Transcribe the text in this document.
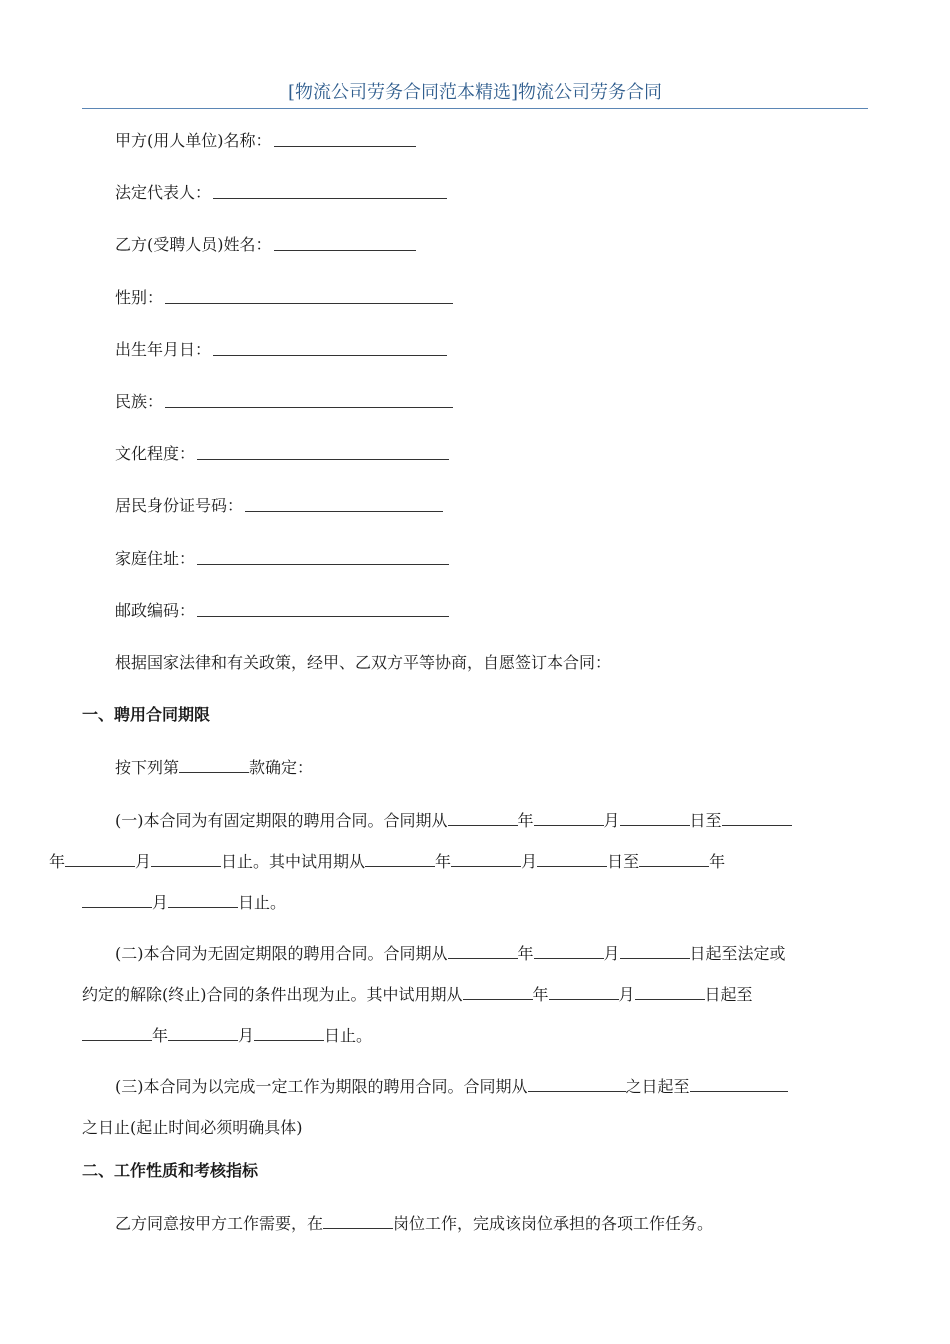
[物流公司劳务合同范本精选]物流公司劳务合同
甲方(用人单位)名称：
法定代表人：
乙方(受聘人员)姓名：
性别：
出生年月日：
民族：
文化程度：
居民身份证号码：
家庭住址：
邮政编码：

根据国家法律和有关政策，经甲、乙双方平等协商，自愿签订本合同：

一、聘用合同期限

按下列第	款确定：

(一)本合同为有固定期限的聘用合同。合同期从	年	月	日至
年	月	日止。其中试用期从	年	月	日至	年
月	日止。

(二)本合同为无固定期限的聘用合同。合同期从	年	月	日起至法定或
约定的解除(终止)合同的条件出现为止。其中试用期从	年	月	日起至
年	月	日止。

(三)本合同为以完成一定工作为期限的聘用合同。合同期从	之日起至
之日止(起止时间必须明确具体)

二、工作性质和考核指标

乙方同意按甲方工作需要，在	岗位工作，完成该岗位承担的各项工作任务。
